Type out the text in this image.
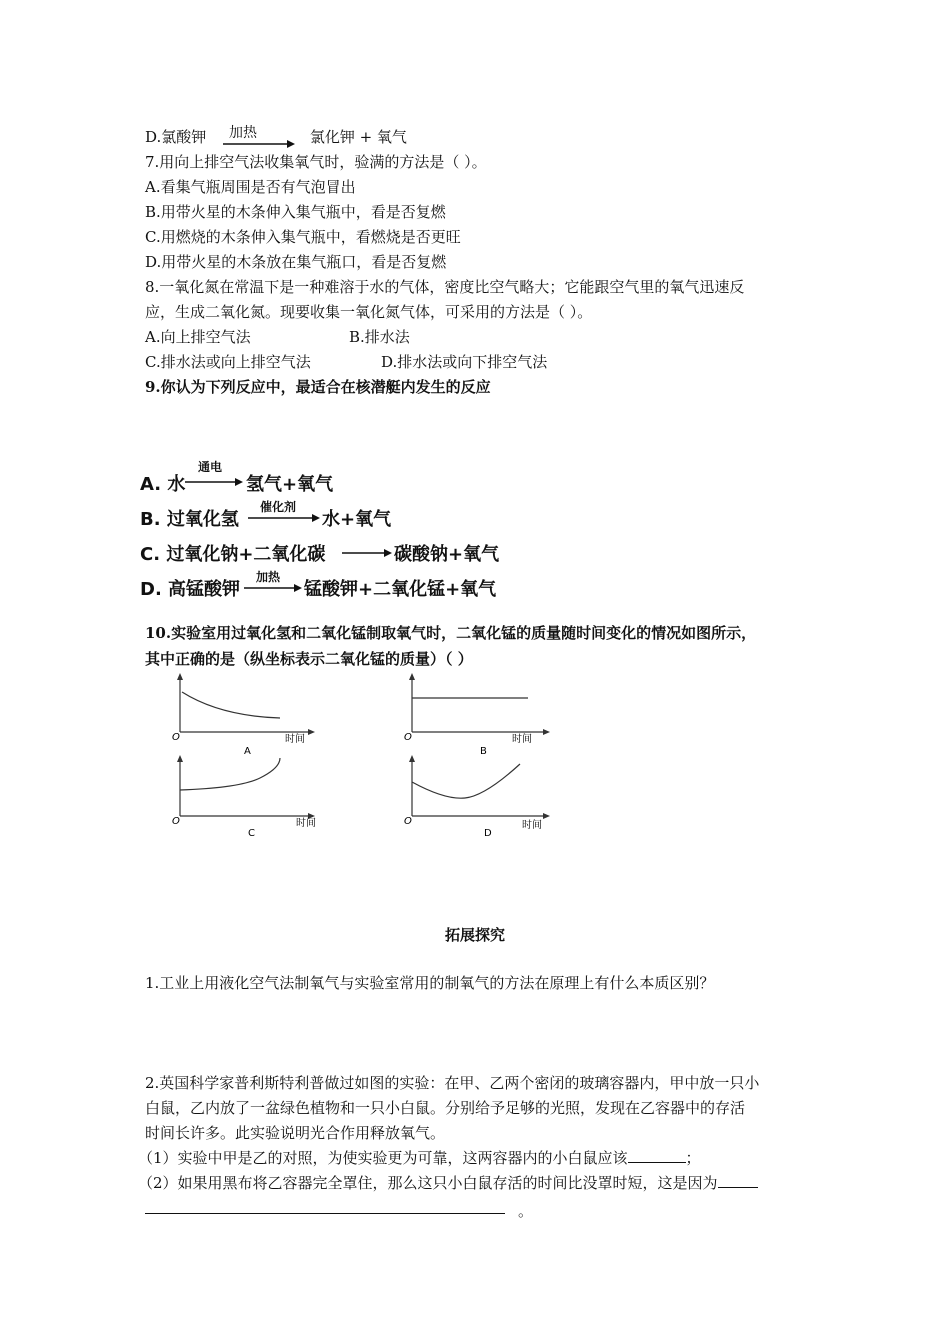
D.氯酸钾 加热	氯化钾 + 氧气
7.用向上排空气法收集氧气时，验满的方法是（ ）。
A.看集气瓶周围是否有气泡冒出
B.用带火星的木条伸入集气瓶中，看是否复燃
C.用燃烧的木条伸入集气瓶中，看燃烧是否更旺
D.用带火星的木条放在集气瓶口，看是否复燃
8.一氧化氮在常温下是一种难溶于水的气体，密度比空气略大；它能跟空气里的氧气迅速反
应，生成二氧化氮。现要收集一氧化氮气体，可采用的方法是（ ）。
A.向上排空气法	B.排水法
C.排水法或向上排空气法	D.排水法或向下排空气法
9.你认为下列反应中，最适合在核潜艇内发生的反应
A. 水
通电
氢气+氧气
B. 过氧化氢
催化剂
水+氧气
C. 过氧化钠+二氧化碳	碳酸钠+氧气
D. 高锰酸钾
加热
锰酸钾+二氧化锰+氧气
10.实验室用过氧化氢和二氧化锰制取氧气时，二氧化锰的质量随时间变化的情况如图所示，
其中正确的是（纵坐标表示二氧化锰的质量）（ ）
O	时间
A
O	时间
B
O	时间
C
O	时间
D
拓展探究
1.工业上用液化空气法制氧气与实验室常用的制氧气的方法在原理上有什么本质区别？
2.英国科学家普利斯特利普做过如图的实验：在甲、乙两个密闭的玻璃容器内，甲中放一只小
白鼠，乙内放了一盆绿色植物和一只小白鼠。分别给予足够的光照，发现在乙容器中的存活
时间长许多。此实验说明光合作用释放氧气。
（1）实验中甲是乙的对照，为使实验更为可靠，这两容器内的小白鼠应该	；
（2）如果用黑布将乙容器完全罩住，那么这只小白鼠存活的时间比没罩时短，这是因为
。
